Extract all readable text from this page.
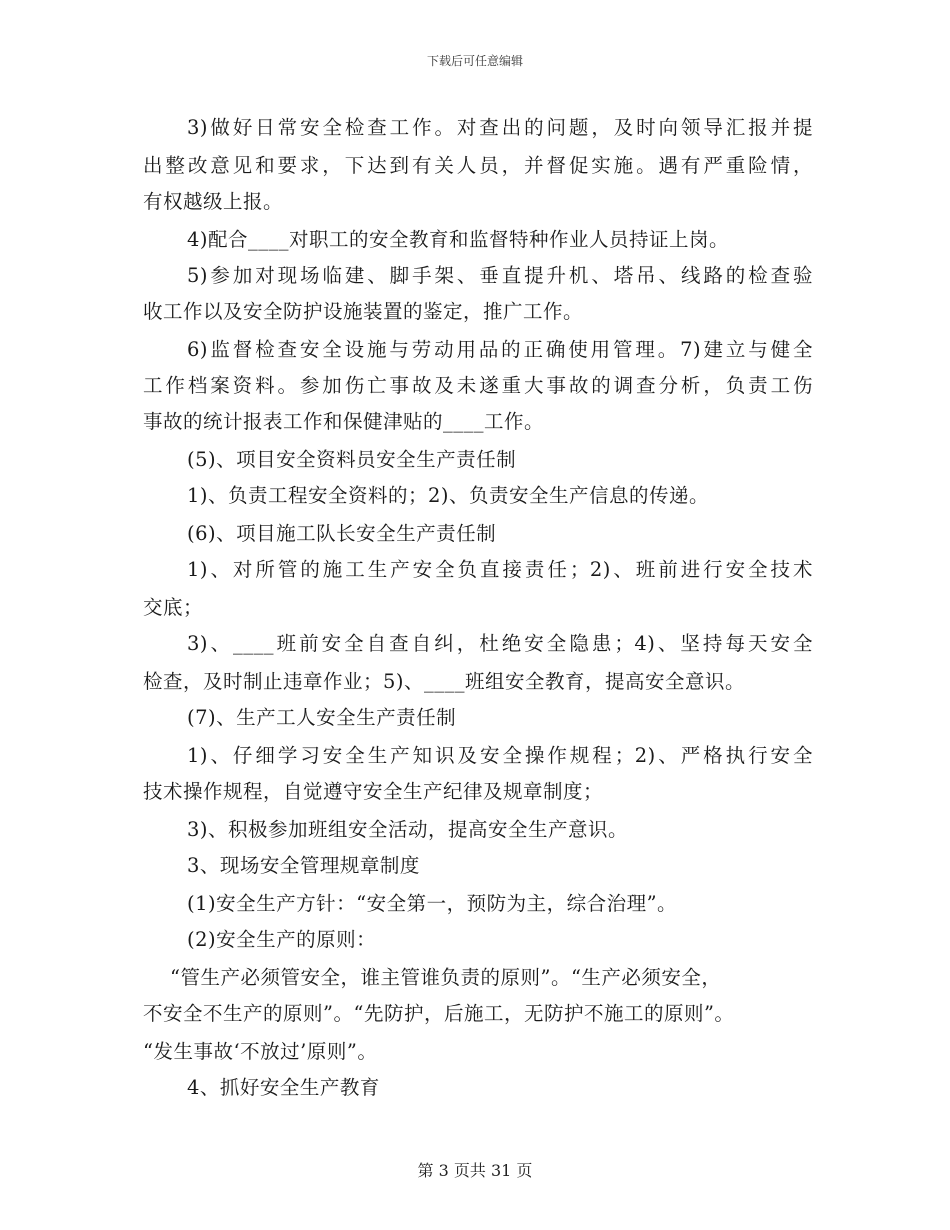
下载后可任意编辑
3)做好日常安全检查工作。对查出的问题，及时向领导汇报并提
出整改意见和要求，下达到有关人员，并督促实施。遇有严重险情，
有权越级上报。
4)配合____对职工的安全教育和监督特种作业人员持证上岗。
5)参加对现场临建、脚手架、垂直提升机、塔吊、线路的检查验
收工作以及安全防护设施装置的鉴定，推广工作。
6)监督检查安全设施与劳动用品的正确使用管理。7)建立与健全
工作档案资料。参加伤亡事故及未遂重大事故的调查分析，负责工伤
事故的统计报表工作和保健津贴的____工作。
(5)、项目安全资料员安全生产责任制
1)、负责工程安全资料的；2)、负责安全生产信息的传递。
(6)、项目施工队长安全生产责任制
1)、对所管的施工生产安全负直接责任；2)、班前进行安全技术
交底；
3)、____班前安全自查自纠，杜绝安全隐患；4)、坚持每天安全
检查，及时制止违章作业；5)、____班组安全教育，提高安全意识。
(7)、生产工人安全生产责任制
1)、仔细学习安全生产知识及安全操作规程；2)、严格执行安全
技术操作规程，自觉遵守安全生产纪律及规章制度；
3)、积极参加班组安全活动，提高安全生产意识。
3、现场安全管理规章制度
(1)安全生产方针：“安全第一，预防为主，综合治理”。
(2)安全生产的原则：
“管生产必须管安全，谁主管谁负责的原则”。“生产必须安全，
不安全不生产的原则”。“先防护，后施工，无防护不施工的原则”。
“发生事故‘不放过’原则”。
4、抓好安全生产教育
第 3 页共 31 页
